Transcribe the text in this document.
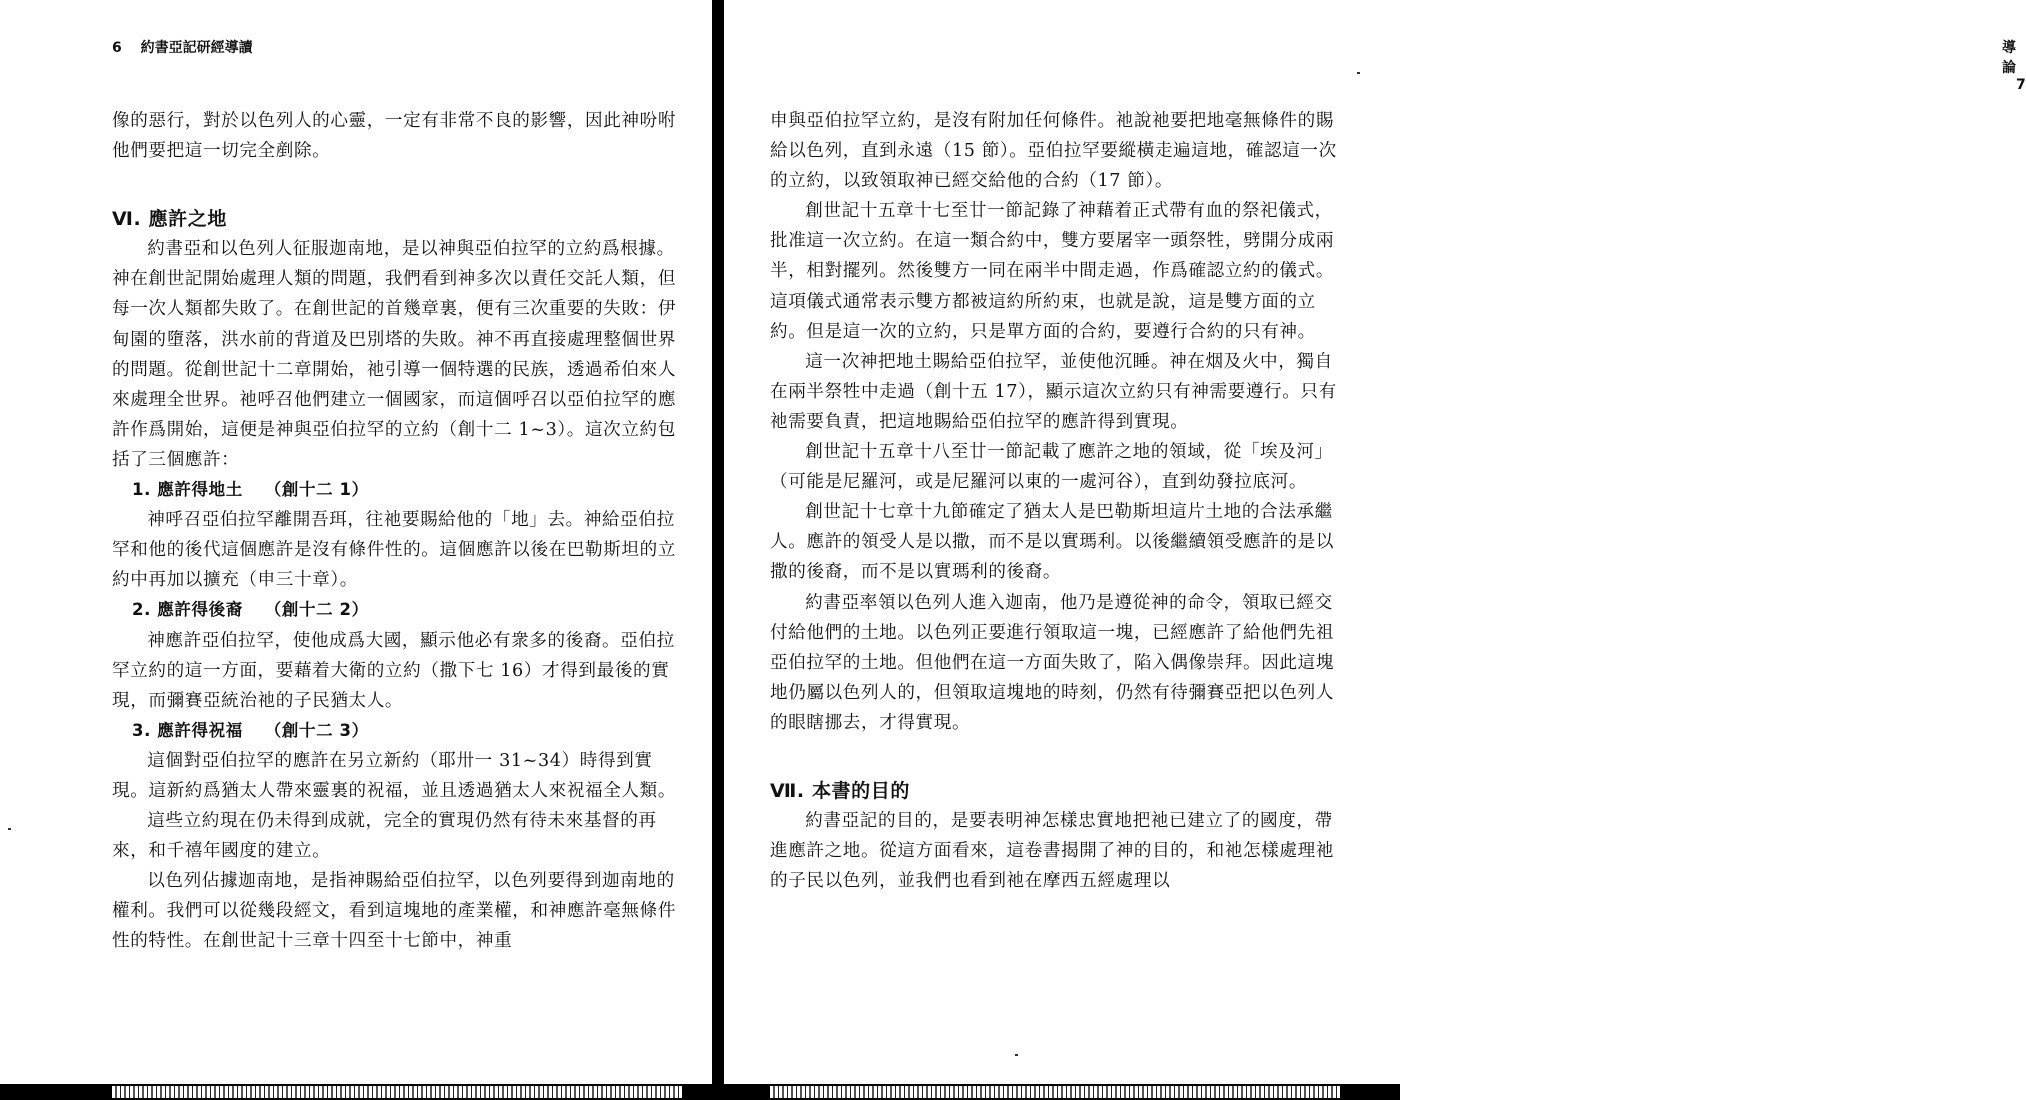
6 約書亞記研經導讀

像的惡行，對於以色列人的心靈，一定有非常不良的影響，因此神吩咐他們要把這一切完全剷除。

Ⅵ. 應許之地

約書亞和以色列人征服迦南地，是以神與亞伯拉罕的立約爲根據。神在創世記開始處理人類的問題，我們看到神多次以責任交託人類，但每一次人類都失敗了。在創世記的首幾章裏，便有三次重要的失敗：伊甸園的墮落，洪水前的背道及巴別塔的失敗。神不再直接處理整個世界的問題。從創世記十二章開始，祂引導一個特選的民族，透過希伯來人來處理全世界。祂呼召他們建立一個國家，而這個呼召以亞伯拉罕的應許作爲開始，這便是神與亞伯拉罕的立約（創十二 1~3）。這次立約包括了三個應許：

1. 應許得地土 （創十二 1）

神呼召亞伯拉罕離開吾珥，往祂要賜給他的「地」去。神給亞伯拉罕和他的後代這個應許是沒有條件性的。這個應許以後在巴勒斯坦的立約中再加以擴充（申三十章）。

2. 應許得後裔 （創十二 2）

神應許亞伯拉罕，使他成爲大國，顯示他必有衆多的後裔。亞伯拉罕立約的這一方面，要藉着大衛的立約（撒下七 16）才得到最後的實現，而彌賽亞統治祂的子民猶太人。

3. 應許得祝福 （創十二 3）

這個對亞伯拉罕的應許在另立新約（耶卅一 31~34）時得到實現。這新約爲猶太人帶來靈裏的祝福，並且透過猶太人來祝福全人類。

這些立約現在仍未得到成就，完全的實現仍然有待未來基督的再來，和千禧年國度的建立。

以色列佔據迦南地，是指神賜給亞伯拉罕，以色列要得到迦南地的權利。我們可以從幾段經文，看到這塊地的產業權，和神應許毫無條件性的特性。在創世記十三章十四至十七節中，神重

導論 7

申與亞伯拉罕立約，是沒有附加任何條件。祂說祂要把地毫無條件的賜給以色列，直到永遠（15 節）。亞伯拉罕要縱橫走遍這地，確認這一次的立約，以致領取神已經交給他的合約（17 節）。

創世記十五章十七至廿一節記錄了神藉着正式帶有血的祭祀儀式，批准這一次立約。在這一類合約中，雙方要屠宰一頭祭牲，劈開分成兩半，相對擺列。然後雙方一同在兩半中間走過，作爲確認立約的儀式。這項儀式通常表示雙方都被這約所約束，也就是說，這是雙方面的立約。但是這一次的立約，只是單方面的合約，要遵行合約的只有神。

這一次神把地土賜給亞伯拉罕，並使他沉睡。神在烟及火中，獨自在兩半祭牲中走過（創十五 17），顯示這次立約只有神需要遵行。只有祂需要負責，把這地賜給亞伯拉罕的應許得到實現。

創世記十五章十八至廿一節記載了應許之地的領域，從「埃及河」（可能是尼羅河，或是尼羅河以東的一處河谷），直到幼發拉底河。

創世記十七章十九節確定了猶太人是巴勒斯坦這片土地的合法承繼人。應許的領受人是以撒，而不是以實瑪利。以後繼續領受應許的是以撒的後裔，而不是以實瑪利的後裔。

約書亞率領以色列人進入迦南，他乃是遵從神的命令，領取已經交付給他們的土地。以色列正要進行領取這一塊，已經應許了給他們先祖亞伯拉罕的土地。但他們在這一方面失敗了，陷入偶像崇拜。因此這塊地仍屬以色列人的，但領取這塊地的時刻，仍然有待彌賽亞把以色列人的眼瞎挪去，才得實現。

Ⅶ. 本書的目的

約書亞記的目的，是要表明神怎樣忠實地把祂已建立了的國度，帶進應許之地。從這方面看來，這卷書揭開了神的目的，和祂怎樣處理祂的子民以色列，並我們也看到祂在摩西五經處理以
